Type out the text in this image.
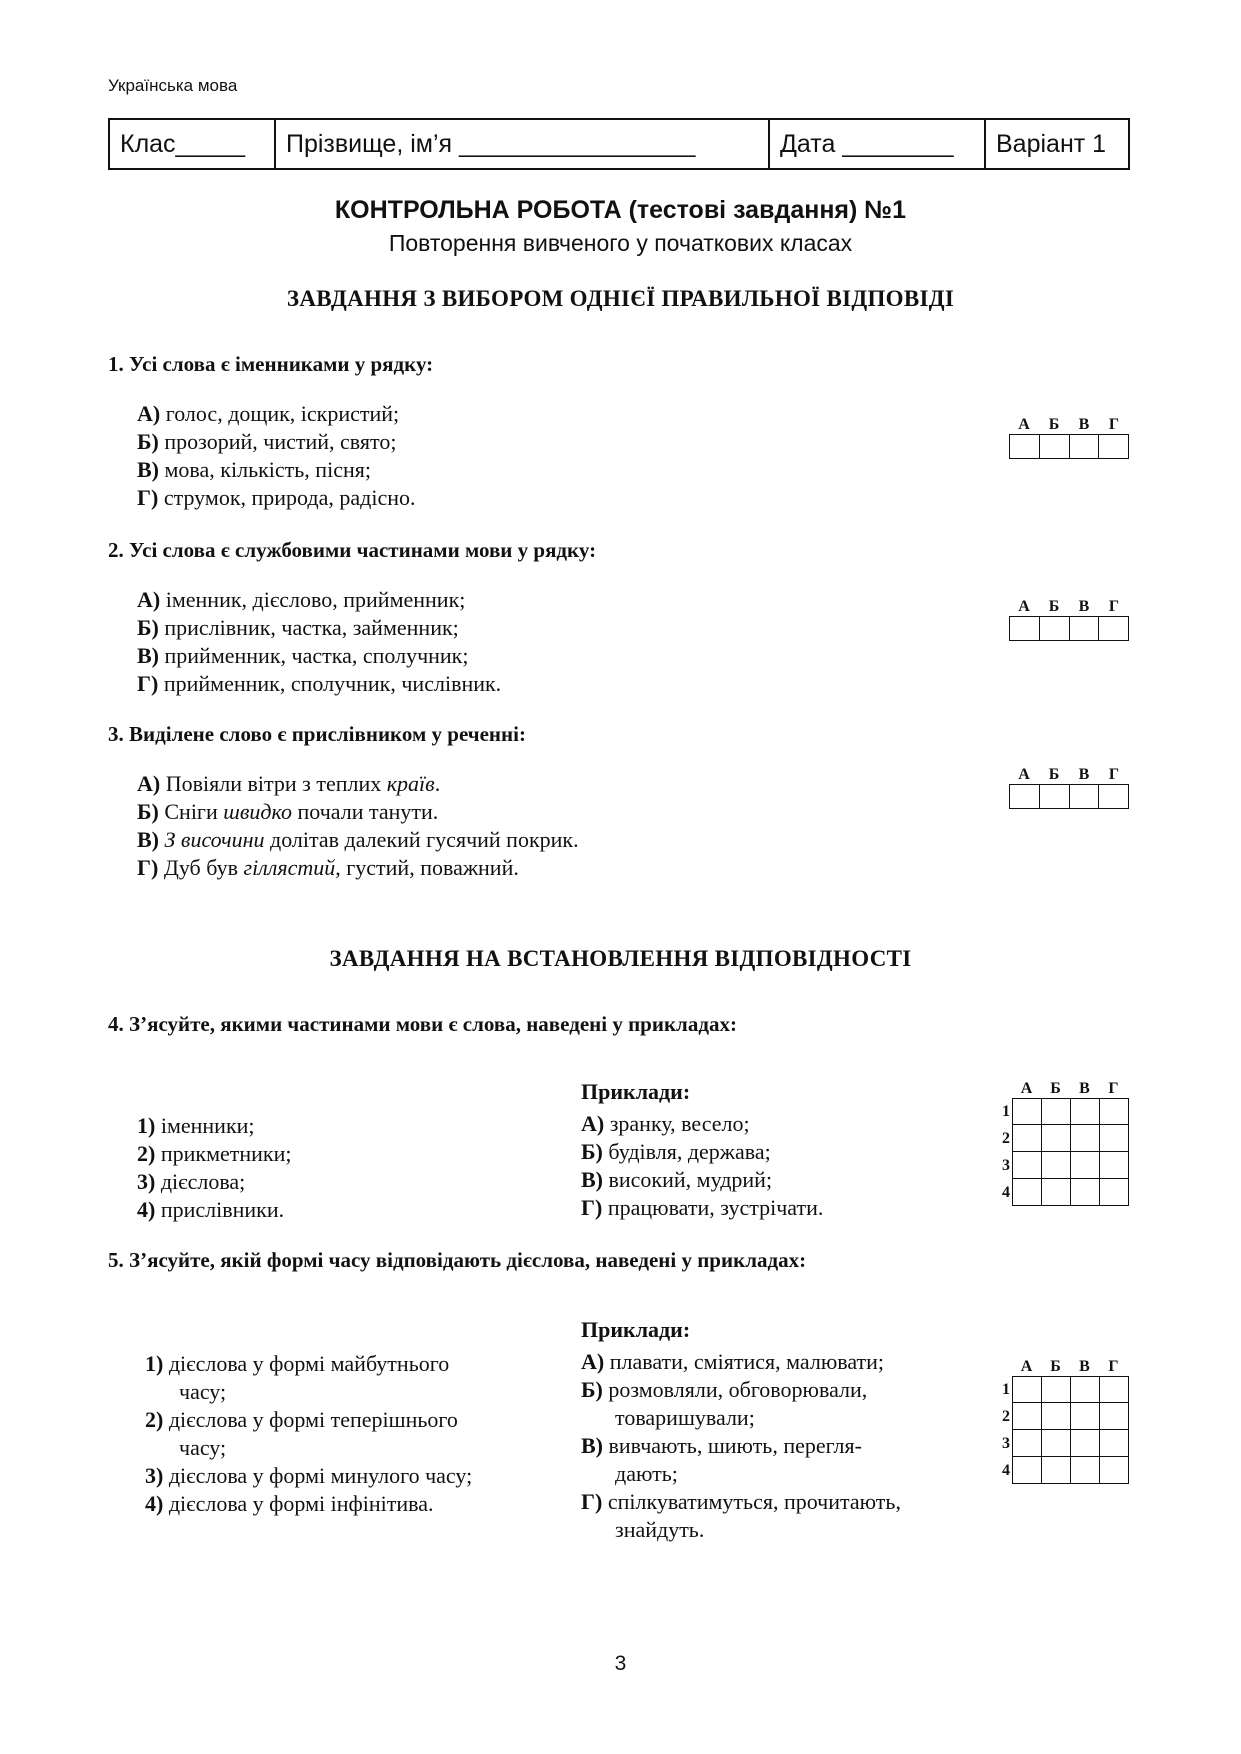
Українська мова
Клас_____	Прізвище, ім’я _________________	Дата ________	Варіант 1
КОНТРОЛЬНА РОБОТА (тестові завдання) №1
Повторення вивченого у початкових класах
ЗАВДАННЯ З ВИБОРОМ ОДНІЄЇ ПРАВИЛЬНОЇ ВІДПОВІДІ
1. Усі слова є іменниками у рядку:
А) голос, дощик, іскристий;
Б) прозорий, чистий, свято;
В) мова, кількість, пісня;
Г) струмок, природа, радісно.
А	Б	В	Г
2. Усі слова є службовими частинами мови у рядку:
А) іменник, дієслово, прийменник;
Б) прислівник, частка, займенник;
В) прийменник, частка, сполучник;
Г) прийменник, сполучник, числівник.
А	Б	В	Г
3. Виділене слово є прислівником у реченні:
А) Повіяли вітри з теплих країв.
Б) Сніги швидко почали танути.
В) З височини долітав далекий гусячий покрик.
Г) Дуб був гіллястий, густий, поважний.
А	Б	В	Г
ЗАВДАННЯ НА ВСТАНОВЛЕННЯ ВІДПОВІДНОСТІ
4. З’ясуйте, якими частинами мови є слова, наведені у прикладах:
1) іменники;
2) прикметники;
3) дієслова;
4) прислівники.
Приклади:
А) зранку, весело;
Б) будівля, держава;
В) високий, мудрий;
Г) працювати, зустрічати.
А	Б	В	Г
1
2
3
4
5. З’ясуйте, якій формі часу відповідають дієслова, наведені у прикладах:
1) дієслова у формі майбутнього
часу;
2) дієслова у формі теперішнього
часу;
3) дієслова у формі минулого часу;
4) дієслова у формі інфінітива.
Приклади:
А) плавати, сміятися, малювати;
Б) розмовляли, обговорювали,
товаришували;
В) вивчають, шиють, перегля-
дають;
Г) спілкуватимуться, прочитають,
знайдуть.
А	Б	В	Г
1
2
3
4
3
